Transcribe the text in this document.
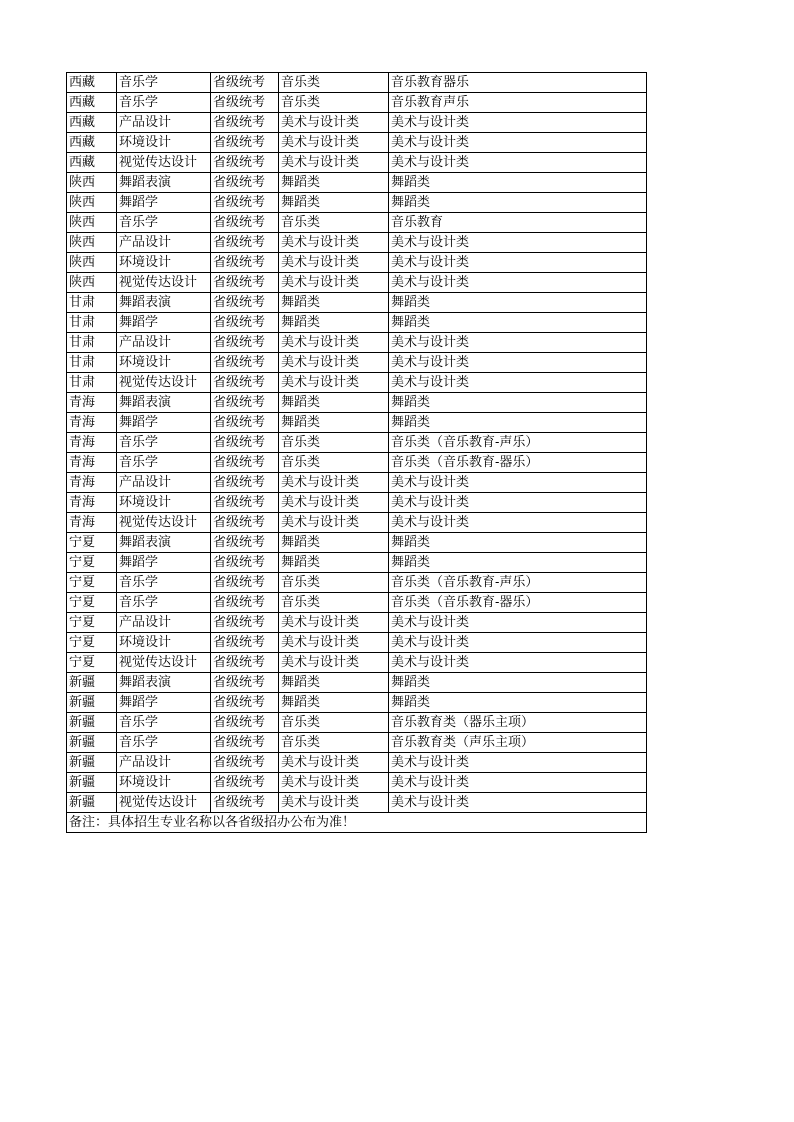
西藏	音乐学	省级统考	音乐类	音乐教育器乐
西藏	音乐学	省级统考	音乐类	音乐教育声乐
西藏	产品设计	省级统考	美术与设计类	美术与设计类
西藏	环境设计	省级统考	美术与设计类	美术与设计类
西藏	视觉传达设计	省级统考	美术与设计类	美术与设计类
陕西	舞蹈表演	省级统考	舞蹈类	舞蹈类
陕西	舞蹈学	省级统考	舞蹈类	舞蹈类
陕西	音乐学	省级统考	音乐类	音乐教育
陕西	产品设计	省级统考	美术与设计类	美术与设计类
陕西	环境设计	省级统考	美术与设计类	美术与设计类
陕西	视觉传达设计	省级统考	美术与设计类	美术与设计类
甘肃	舞蹈表演	省级统考	舞蹈类	舞蹈类
甘肃	舞蹈学	省级统考	舞蹈类	舞蹈类
甘肃	产品设计	省级统考	美术与设计类	美术与设计类
甘肃	环境设计	省级统考	美术与设计类	美术与设计类
甘肃	视觉传达设计	省级统考	美术与设计类	美术与设计类
青海	舞蹈表演	省级统考	舞蹈类	舞蹈类
青海	舞蹈学	省级统考	舞蹈类	舞蹈类
青海	音乐学	省级统考	音乐类	音乐类（音乐教育-声乐）
青海	音乐学	省级统考	音乐类	音乐类（音乐教育-器乐）
青海	产品设计	省级统考	美术与设计类	美术与设计类
青海	环境设计	省级统考	美术与设计类	美术与设计类
青海	视觉传达设计	省级统考	美术与设计类	美术与设计类
宁夏	舞蹈表演	省级统考	舞蹈类	舞蹈类
宁夏	舞蹈学	省级统考	舞蹈类	舞蹈类
宁夏	音乐学	省级统考	音乐类	音乐类（音乐教育-声乐）
宁夏	音乐学	省级统考	音乐类	音乐类（音乐教育-器乐）
宁夏	产品设计	省级统考	美术与设计类	美术与设计类
宁夏	环境设计	省级统考	美术与设计类	美术与设计类
宁夏	视觉传达设计	省级统考	美术与设计类	美术与设计类
新疆	舞蹈表演	省级统考	舞蹈类	舞蹈类
新疆	舞蹈学	省级统考	舞蹈类	舞蹈类
新疆	音乐学	省级统考	音乐类	音乐教育类（器乐主项）
新疆	音乐学	省级统考	音乐类	音乐教育类（声乐主项）
新疆	产品设计	省级统考	美术与设计类	美术与设计类
新疆	环境设计	省级统考	美术与设计类	美术与设计类
新疆	视觉传达设计	省级统考	美术与设计类	美术与设计类
备注：具体招生专业名称以各省级招办公布为准！				
